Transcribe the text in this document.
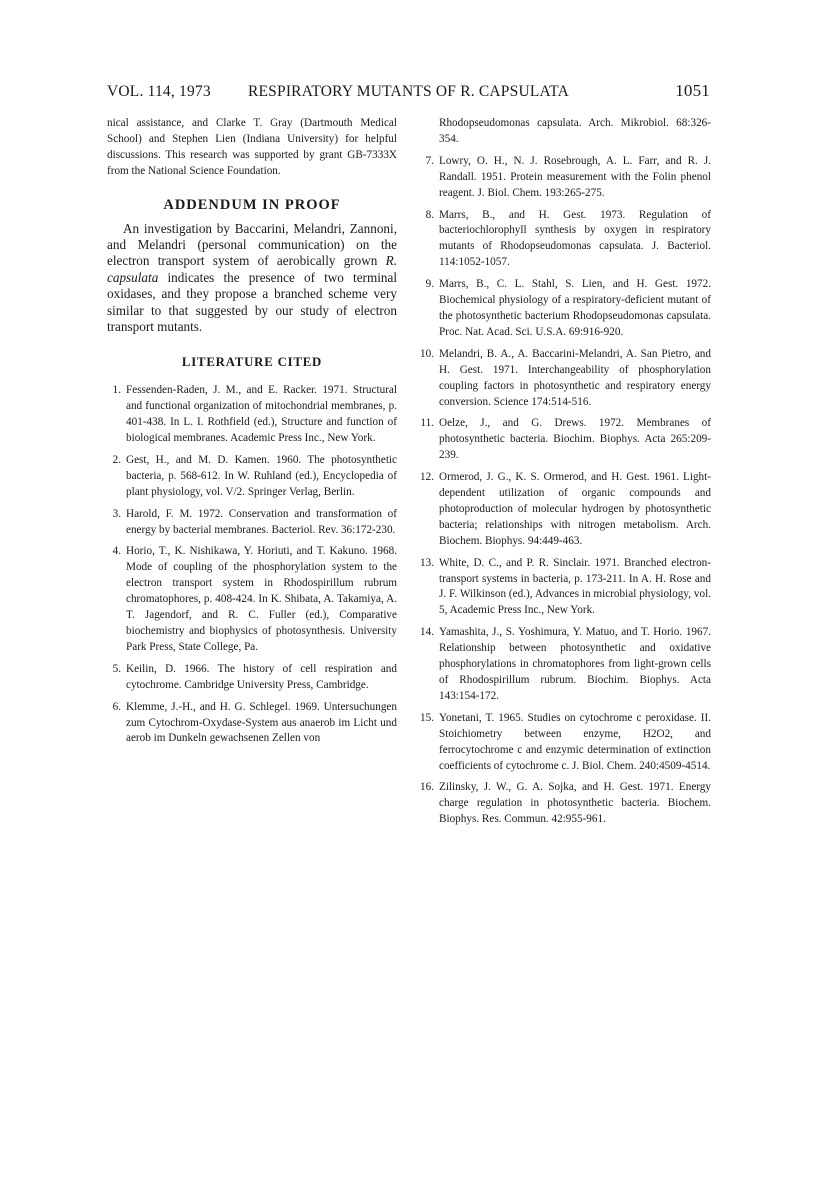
VOL. 114, 1973	RESPIRATORY MUTANTS OF R. CAPSULATA	1051

nical assistance, and Clarke T. Gray (Dartmouth Medical School) and Stephen Lien (Indiana University) for helpful discussions. This research was supported by grant GB-7333X from the National Science Foundation.

ADDENDUM IN PROOF

An investigation by Baccarini, Melandri, Zannoni, and Melandri (personal communication) on the electron transport system of aerobically grown R. capsulata indicates the presence of two terminal oxidases, and they propose a branched scheme very similar to that suggested by our study of electron transport mutants.

LITERATURE CITED
1. Fessenden-Raden, J. M., and E. Racker. 1971. Structural and functional organization of mitochondrial membranes, p. 401-438. In L. I. Rothfield (ed.), Structure and function of biological membranes. Academic Press Inc., New York.
2. Gest, H., and M. D. Kamen. 1960. The photosynthetic bacteria, p. 568-612. In W. Ruhland (ed.), Encyclopedia of plant physiology, vol. V/2. Springer Verlag, Berlin.
3. Harold, F. M. 1972. Conservation and transformation of energy by bacterial membranes. Bacteriol. Rev. 36:172-230.
4. Horio, T., K. Nishikawa, Y. Horiuti, and T. Kakuno. 1968. Mode of coupling of the phosphorylation system to the electron transport system in Rhodospirillum rubrum chromatophores, p. 408-424. In K. Shibata, A. Takamiya, A. T. Jagendorf, and R. C. Fuller (ed.), Comparative biochemistry and biophysics of photosynthesis. University Park Press, State College, Pa.
5. Keilin, D. 1966. The history of cell respiration and cytochrome. Cambridge University Press, Cambridge.
6. Klemme, J.-H., and H. G. Schlegel. 1969. Untersuchungen zum Cytochrom-Oxydase-System aus anaerob im Licht und aerob im Dunkeln gewachsenen Zellen von
Rhodopseudomonas capsulata. Arch. Mikrobiol. 68:326-354.
7. Lowry, O. H., N. J. Rosebrough, A. L. Farr, and R. J. Randall. 1951. Protein measurement with the Folin phenol reagent. J. Biol. Chem. 193:265-275.
8. Marrs, B., and H. Gest. 1973. Regulation of bacteriochlorophyll synthesis by oxygen in respiratory mutants of Rhodopseudomonas capsulata. J. Bacteriol. 114:1052-1057.
9. Marrs, B., C. L. Stahl, S. Lien, and H. Gest. 1972. Biochemical physiology of a respiratory-deficient mutant of the photosynthetic bacterium Rhodopseudomonas capsulata. Proc. Nat. Acad. Sci. U.S.A. 69:916-920.
10. Melandri, B. A., A. Baccarini-Melandri, A. San Pietro, and H. Gest. 1971. Interchangeability of phosphorylation coupling factors in photosynthetic and respiratory energy conversion. Science 174:514-516.
11. Oelze, J., and G. Drews. 1972. Membranes of photosynthetic bacteria. Biochim. Biophys. Acta 265:209-239.
12. Ormerod, J. G., K. S. Ormerod, and H. Gest. 1961. Light-dependent utilization of organic compounds and photoproduction of molecular hydrogen by photosynthetic bacteria; relationships with nitrogen metabolism. Arch. Biochem. Biophys. 94:449-463.
13. White, D. C., and P. R. Sinclair. 1971. Branched electron-transport systems in bacteria, p. 173-211. In A. H. Rose and J. F. Wilkinson (ed.), Advances in microbial physiology, vol. 5, Academic Press Inc., New York.
14. Yamashita, J., S. Yoshimura, Y. Matuo, and T. Horio. 1967. Relationship between photosynthetic and oxidative phosphorylations in chromatophores from light-grown cells of Rhodospirillum rubrum. Biochim. Biophys. Acta 143:154-172.
15. Yonetani, T. 1965. Studies on cytochrome c peroxidase. II. Stoichiometry between enzyme, H2O2, and ferrocytochrome c and enzymic determination of extinction coefficients of cytochrome c. J. Biol. Chem. 240:4509-4514.
16. Zilinsky, J. W., G. A. Sojka, and H. Gest. 1971. Energy charge regulation in photosynthetic bacteria. Biochem. Biophys. Res. Commun. 42:955-961.
